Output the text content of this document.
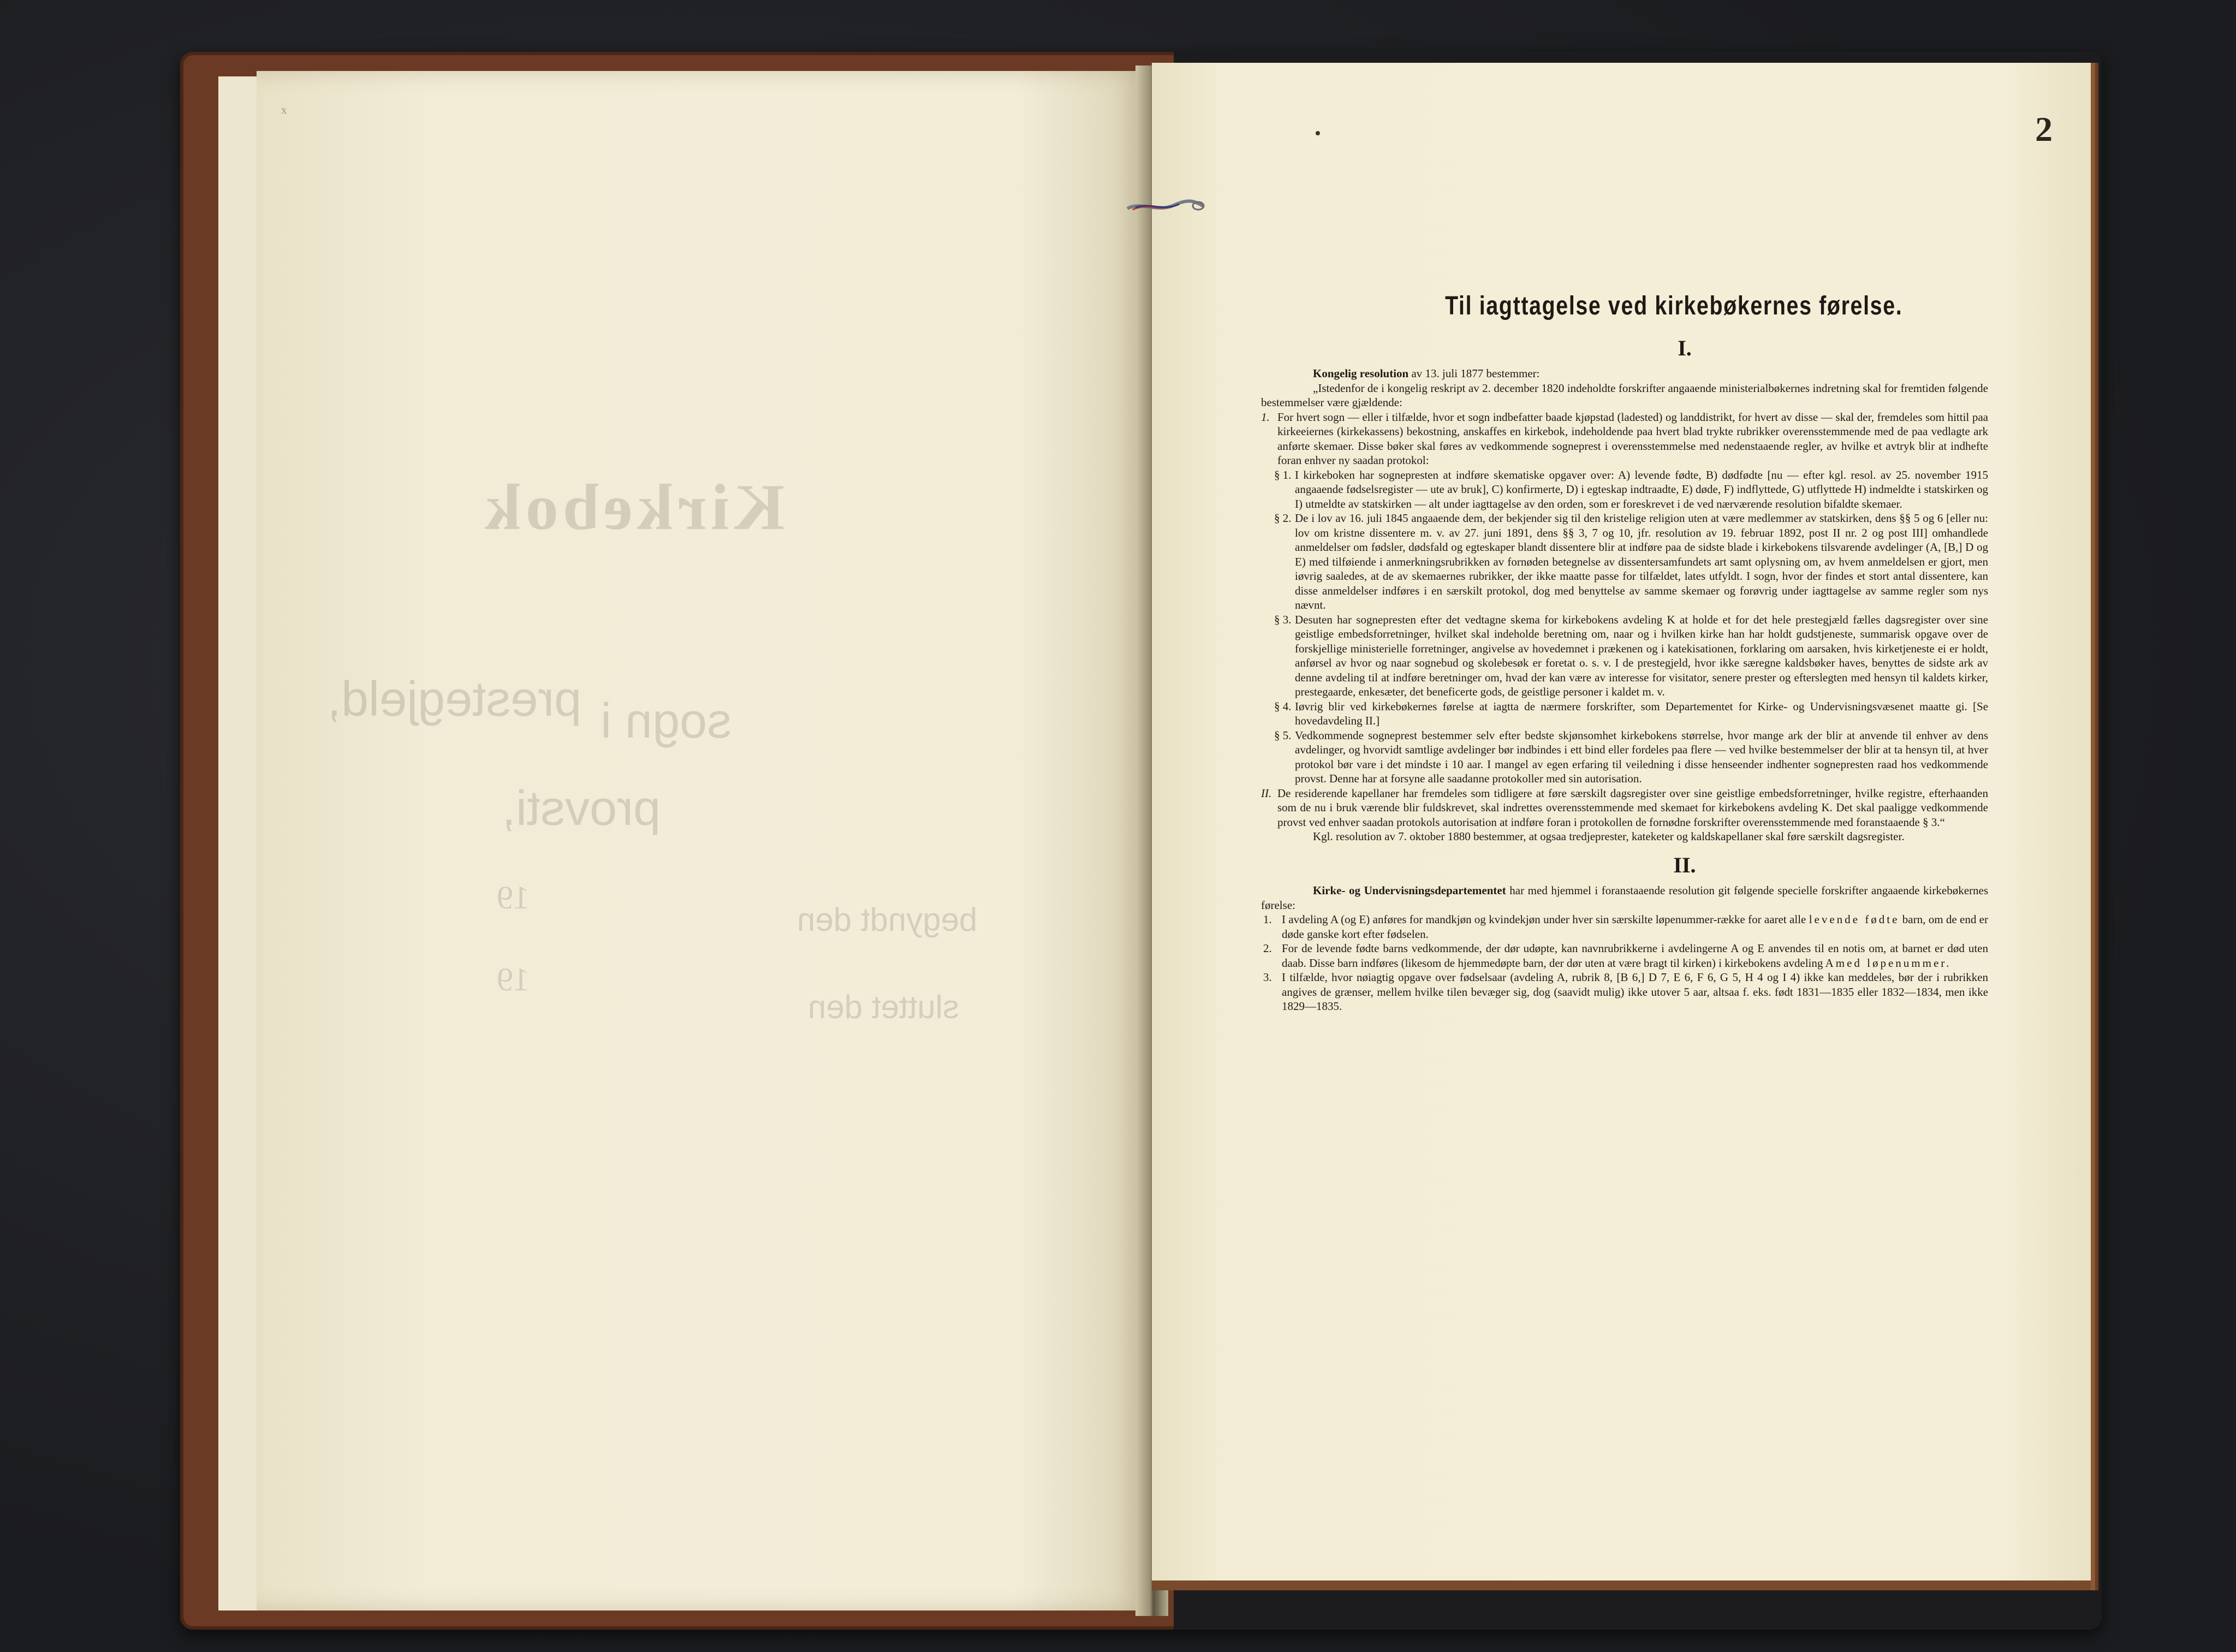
ˣ
Kirkebok
prestegjeld, sogn i
provsti,
begyndt den
sluttet den
19
19
2
Til iagttagelse ved kirkebøkernes førelse.
I.

Kongelig resolution av 13. juli 1877 bestemmer:

„Istedenfor de i kongelig reskript av 2. december 1820 indeholdte forskrifter angaaende ministerialbøkernes indretning skal for fremtiden følgende bestemmelser være gjældende:

1. For hvert sogn — eller i tilfælde, hvor et sogn indbefatter baade kjøpstad (ladested) og landdistrikt, for hvert av disse — skal der, fremdeles som hittil paa kirkeeiernes (kirkekassens) bekostning, anskaffes en kirkebok, indeholdende paa hvert blad trykte rubrikker overensstemmende med de paa vedlagte ark anførte skemaer. Disse bøker skal føres av vedkommende sogneprest i overensstemmelse med nedenstaaende regler, av hvilke et avtryk blir at indhefte foran enhver ny saadan protokol:
§ 1. I kirkeboken har sognepresten at indføre skematiske opgaver over: A) levende fødte, B) dødfødte [nu — efter kgl. resol. av 25. november 1915 angaaende fødselsregister — ute av bruk], C) konfirmerte, D) i egteskap indtraadte, E) døde, F) indflyttede, G) utflyttede H) indmeldte i statskirken og I) utmeldte av statskirken — alt under iagttagelse av den orden, som er foreskrevet i de ved nærværende resolution bifaldte skemaer.
§ 2. De i lov av 16. juli 1845 angaaende dem, der bekjender sig til den kristelige religion uten at være medlemmer av statskirken, dens §§ 5 og 6 [eller nu: lov om kristne dissentere m. v. av 27. juni 1891, dens §§ 3, 7 og 10, jfr. resolution av 19. februar 1892, post II nr. 2 og post III] omhandlede anmeldelser om fødsler, dødsfald og egteskaper blandt dissentere blir at indføre paa de sidste blade i kirkebokens tilsvarende avdelinger (A, [B,] D og E) med tilføiende i anmerkningsrubrikken av fornøden betegnelse av dissentersamfundets art samt oplysning om, av hvem anmeldelsen er gjort, men iøvrig saaledes, at de av skemaernes rubrikker, der ikke maatte passe for tilfældet, lates utfyldt. I sogn, hvor der findes et stort antal dissentere, kan disse anmeldelser indføres i en særskilt protokol, dog med benyttelse av samme skemaer og forøvrig under iagttagelse av samme regler som nys nævnt.
§ 3. Desuten har sognepresten efter det vedtagne skema for kirkebokens avdeling K at holde et for det hele prestegjæld fælles dagsregister over sine geistlige embedsforretninger, hvilket skal indeholde beretning om, naar og i hvilken kirke han har holdt gudstjeneste, summarisk opgave over de forskjellige ministerielle forretninger, angivelse av hovedemnet i prækenen og i katekisationen, forklaring om aarsaken, hvis kirketjeneste ei er holdt, anførsel av hvor og naar sognebud og skolebesøk er foretat o. s. v. I de prestegjeld, hvor ikke særegne kaldsbøker haves, benyttes de sidste ark av denne avdeling til at indføre beretninger om, hvad der kan være av interesse for visitator, senere prester og efterslegten med hensyn til kaldets kirker, prestegaarde, enkesæter, det beneficerte gods, de geistlige personer i kaldet m. v.
§ 4. Iøvrig blir ved kirkebøkernes førelse at iagtta de nærmere forskrifter, som Departementet for Kirke- og Undervisningsvæsenet maatte gi. [Se hovedavdeling II.]
§ 5. Vedkommende sogneprest bestemmer selv efter bedste skjønsomhet kirkebokens størrelse, hvor mange ark der blir at anvende til enhver av dens avdelinger, og hvorvidt samtlige avdelinger bør indbindes i ett bind eller fordeles paa flere — ved hvilke bestemmelser der blir at ta hensyn til, at hver protokol bør vare i det mindste i 10 aar. I mangel av egen erfaring til veiledning i disse henseender indhenter sognepresten raad hos vedkommende provst. Denne har at forsyne alle saadanne protokoller med sin autorisation.
II. De residerende kapellaner har fremdeles som tidligere at føre særskilt dagsregister over sine geistlige embedsforretninger, hvilke registre, efterhaanden som de nu i bruk værende blir fuldskrevet, skal indrettes overensstemmende med skemaet for kirkebokens avdeling K. Det skal paaligge vedkommende provst ved enhver saadan protokols autorisation at indføre foran i protokollen de fornødne forskrifter overensstemmende med foranstaaende § 3.“

Kgl. resolution av 7. oktober 1880 bestemmer, at ogsaa tredjeprester, kateketer og kaldskapellaner skal føre særskilt dagsregister.

II.

Kirke- og Undervisningsdepartementet har med hjemmel i foranstaaende resolution git følgende specielle forskrifter angaaende kirkebøkernes førelse:

1. I avdeling A (og E) anføres for mandkjøn og kvindekjøn under hver sin særskilte løpenummer-række for aaret alle levende fødte barn, om de end er døde ganske kort efter fødselen.
2. For de levende fødte barns vedkommende, der dør udøpte, kan navnrubrikkerne i avdelingerne A og E anvendes til en notis om, at barnet er død uten daab. Disse barn indføres (likesom de hjemmedøpte barn, der dør uten at være bragt til kirken) i kirkebokens avdeling A med løpenummer.
3. I tilfælde, hvor nøiagtig opgave over fødselsaar (avdeling A, rubrik 8, [B 6,] D 7, E 6, F 6, G 5, H 4 og I 4) ikke kan meddeles, bør der i rubrikken angives de grænser, mellem hvilke tilen bevæger sig, dog (saavidt mulig) ikke utover 5 aar, altsaa f. eks. født 1831—1835 eller 1832—1834, men ikke 1829—1835.
